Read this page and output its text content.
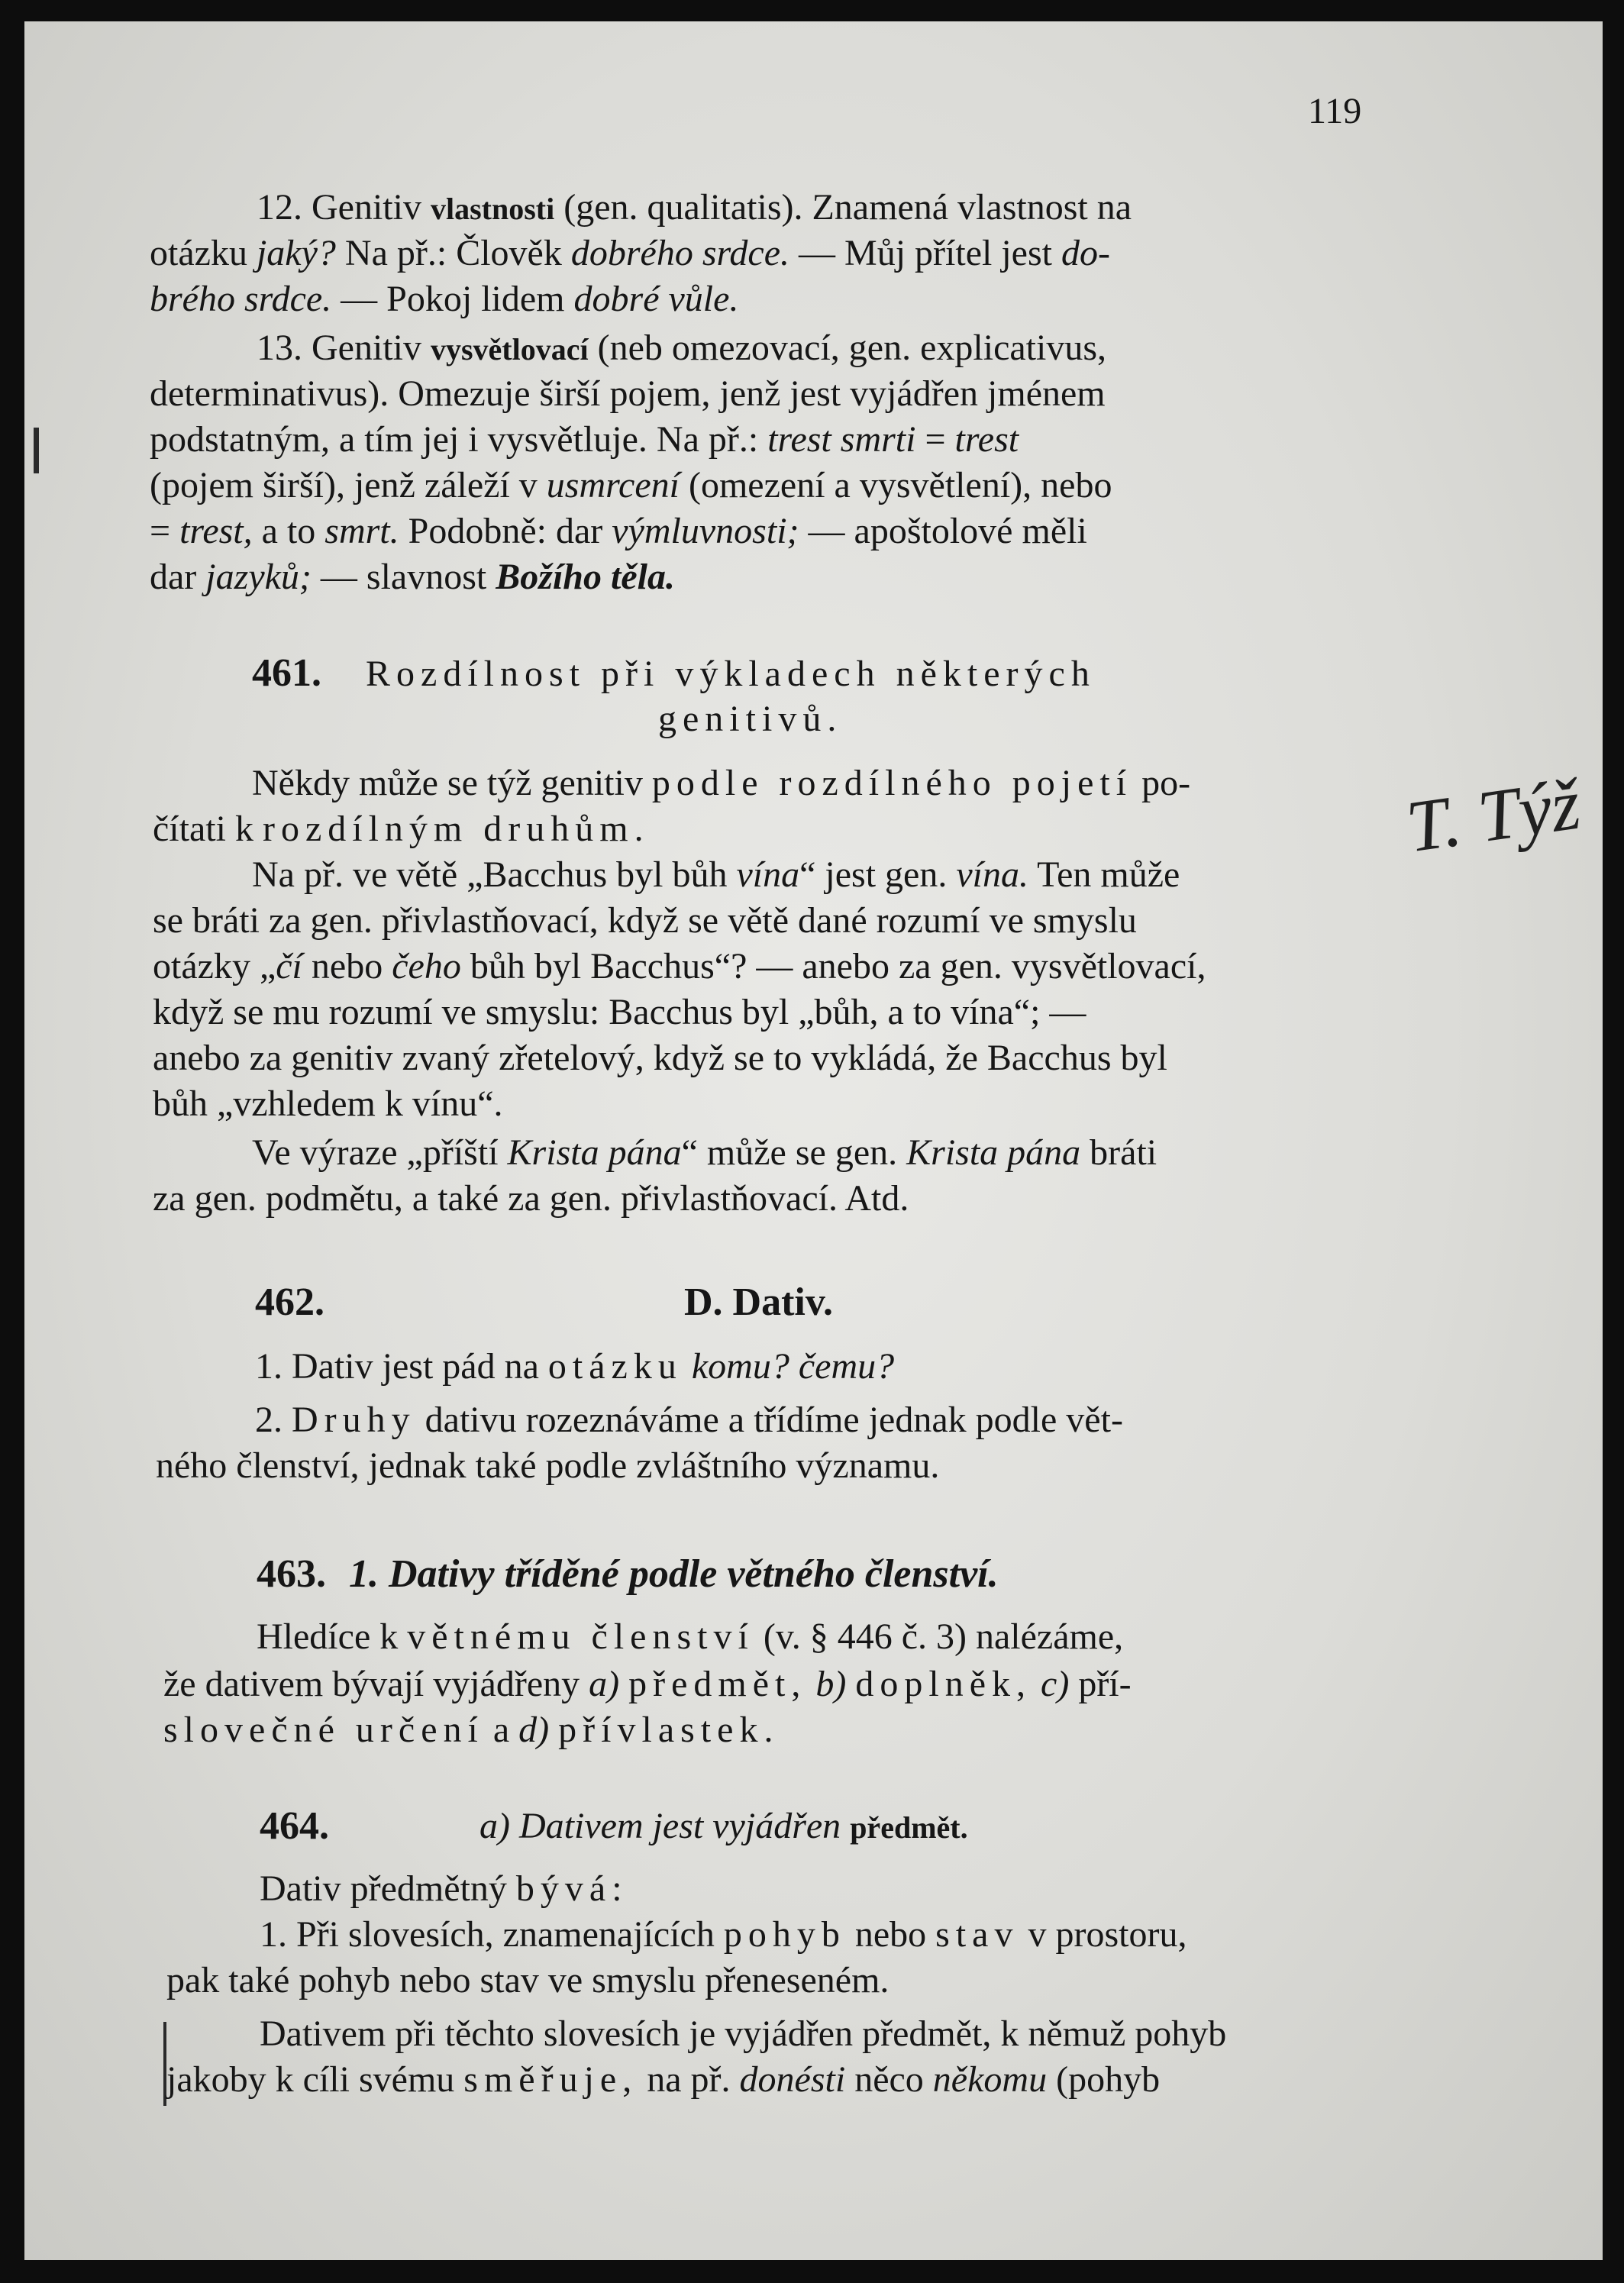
119
T. Týž
12. Genitiv vlastnosti (gen. qualitatis). Znamená vlastnost na
otázku jaký? Na př.: Člověk dobrého srdce. — Můj přítel jest do-
brého srdce. — Pokoj lidem dobré vůle.
13. Genitiv vysvětlovací (neb omezovací, gen. explicativus,
determinativus). Omezuje širší pojem, jenž jest vyjádřen jménem
podstatným, a tím jej i vysvětluje. Na př.: trest smrti = trest
(pojem širší), jenž záleží v usmrcení (omezení a vysvětlení), nebo
= trest, a to smrt. Podobně: dar výmluvnosti; — apoštolové měli
dar jazyků; — slavnost Božího těla.
461. Rozdílnost při výkladech některých
genitivů.
Někdy může se týž genitiv podle rozdílného pojetí po-
čítati k rozdílným druhům.
Na př. ve větě „Bacchus byl bůh vína“ jest gen. vína. Ten může
se bráti za gen. přivlastňovací, když se větě dané rozumí ve smyslu
otázky „čí nebo čeho bůh byl Bacchus“? — anebo za gen. vysvětlovací,
když se mu rozumí ve smyslu: Bacchus byl „bůh, a to vína“; —
anebo za genitiv zvaný zřetelový, když se to vykládá, že Bacchus byl
bůh „vzhledem k vínu“.
Ve výraze „příští Krista pána“ může se gen. Krista pána bráti
za gen. podmětu, a také za gen. přivlastňovací. Atd.
462.	D. Dativ.
1. Dativ jest pád na otázku komu? čemu?
2. Druhy dativu rozeznáváme a třídíme jednak podle vět-
ného členství, jednak také podle zvláštního významu.
463. 1. Dativy tříděné podle větného členství.
Hledíce k větnému členství (v. § 446 č. 3) nalézáme,
že dativem bývají vyjádřeny a) předmět, b) doplněk, c) pří-
slovečné určení a d) přívlastek.
464.	a) Dativem jest vyjádřen předmět.
Dativ předmětný bývá:
1. Při slovesích, znamenajících pohyb nebo stav v prostoru,
pak také pohyb nebo stav ve smyslu přeneseném.
Dativem při těchto slovesích je vyjádřen předmět, k němuž pohyb
jakoby k cíli svému směřuje, na př. donésti něco někomu (pohyb
